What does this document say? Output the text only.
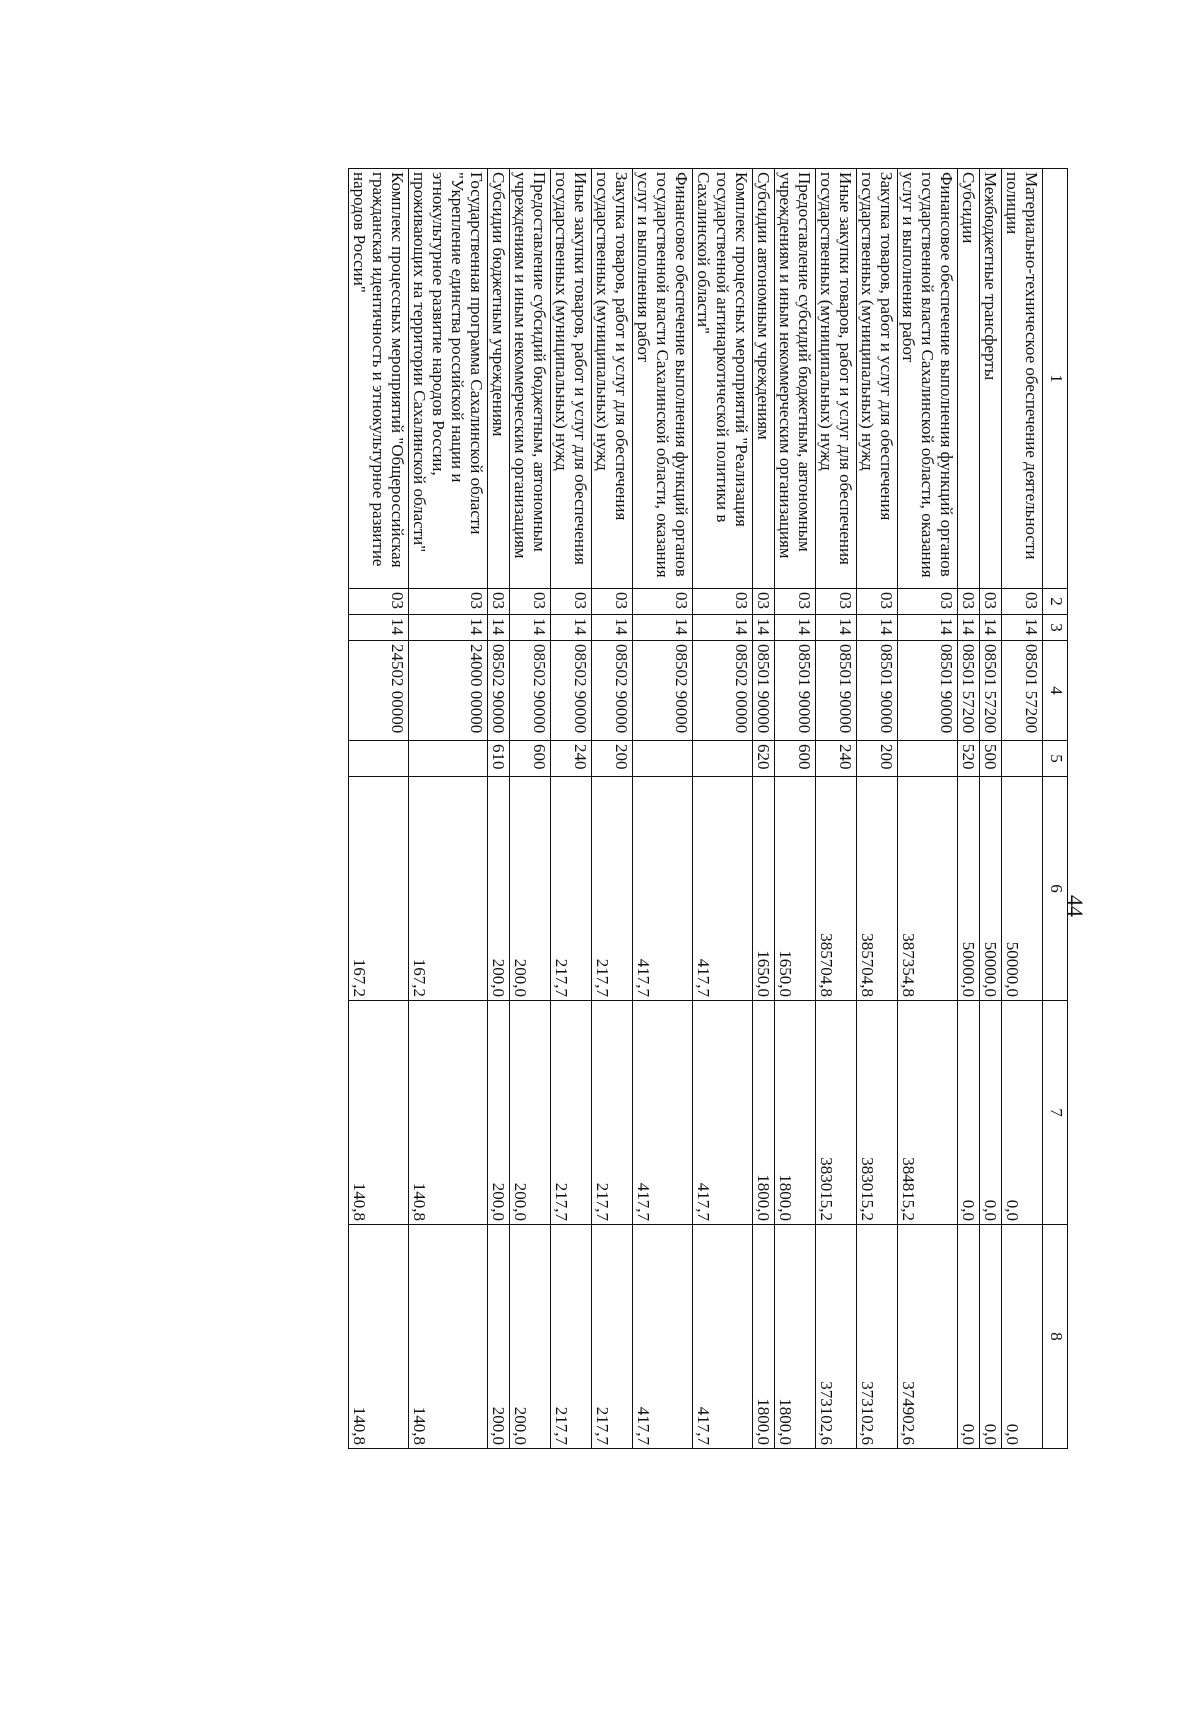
44
1	2	3	4	5	6	7	8
Материально-техническое обеспечение деятельности полиции	03	14	08501 57200		50000,0	0,0	0,0
Межбюджетные трансферты	03	14	08501 57200	500	50000,0	0,0	0,0
Субсидии	03	14	08501 57200	520	50000,0	0,0	0,0
Финансовое обеспечение выполнения функций органов государственной власти Сахалинской области, оказания услуг и выполнения работ	03	14	08501 90000		387354,8	384815,2	374902,6
Закупка товаров, работ и услуг для обеспечения государственных (муниципальных) нужд	03	14	08501 90000	200	385704,8	383015,2	373102,6
Иные закупки товаров, работ и услуг для обеспечения государственных (муниципальных) нужд	03	14	08501 90000	240	385704,8	383015,2	373102,6
Предоставление субсидий бюджетным, автономным учреждениям и иным некоммерческим организациям	03	14	08501 90000	600	1650,0	1800,0	1800,0
Субсидии автономным учреждениям	03	14	08501 90000	620	1650,0	1800,0	1800,0
Комплекс процессных мероприятий "Реализация государственной антинаркотической политики в Сахалинской области"	03	14	08502 00000		417,7	417,7	417,7
Финансовое обеспечение выполнения функций органов государственной власти Сахалинской области, оказания услуг и выполнения работ	03	14	08502 90000		417,7	417,7	417,7
Закупка товаров, работ и услуг для обеспечения государственных (муниципальных) нужд	03	14	08502 90000	200	217,7	217,7	217,7
Иные закупки товаров, работ и услуг для обеспечения государственных (муниципальных) нужд	03	14	08502 90000	240	217,7	217,7	217,7
Предоставление субсидий бюджетным, автономным учреждениям и иным некоммерческим организациям	03	14	08502 90000	600	200,0	200,0	200,0
Субсидии бюджетным учреждениям	03	14	08502 90000	610	200,0	200,0	200,0
Государственная программа Сахалинской области "Укрепление единства российской нации и этнокультурное развитие народов России, проживающих на территории Сахалинской области"	03	14	24000 00000		167,2	140,8	140,8
Комплекс процессных мероприятий "Общероссийская гражданская идентичность и этнокультурное развитие народов России"	03	14	24502 00000		167,2	140,8	140,8
